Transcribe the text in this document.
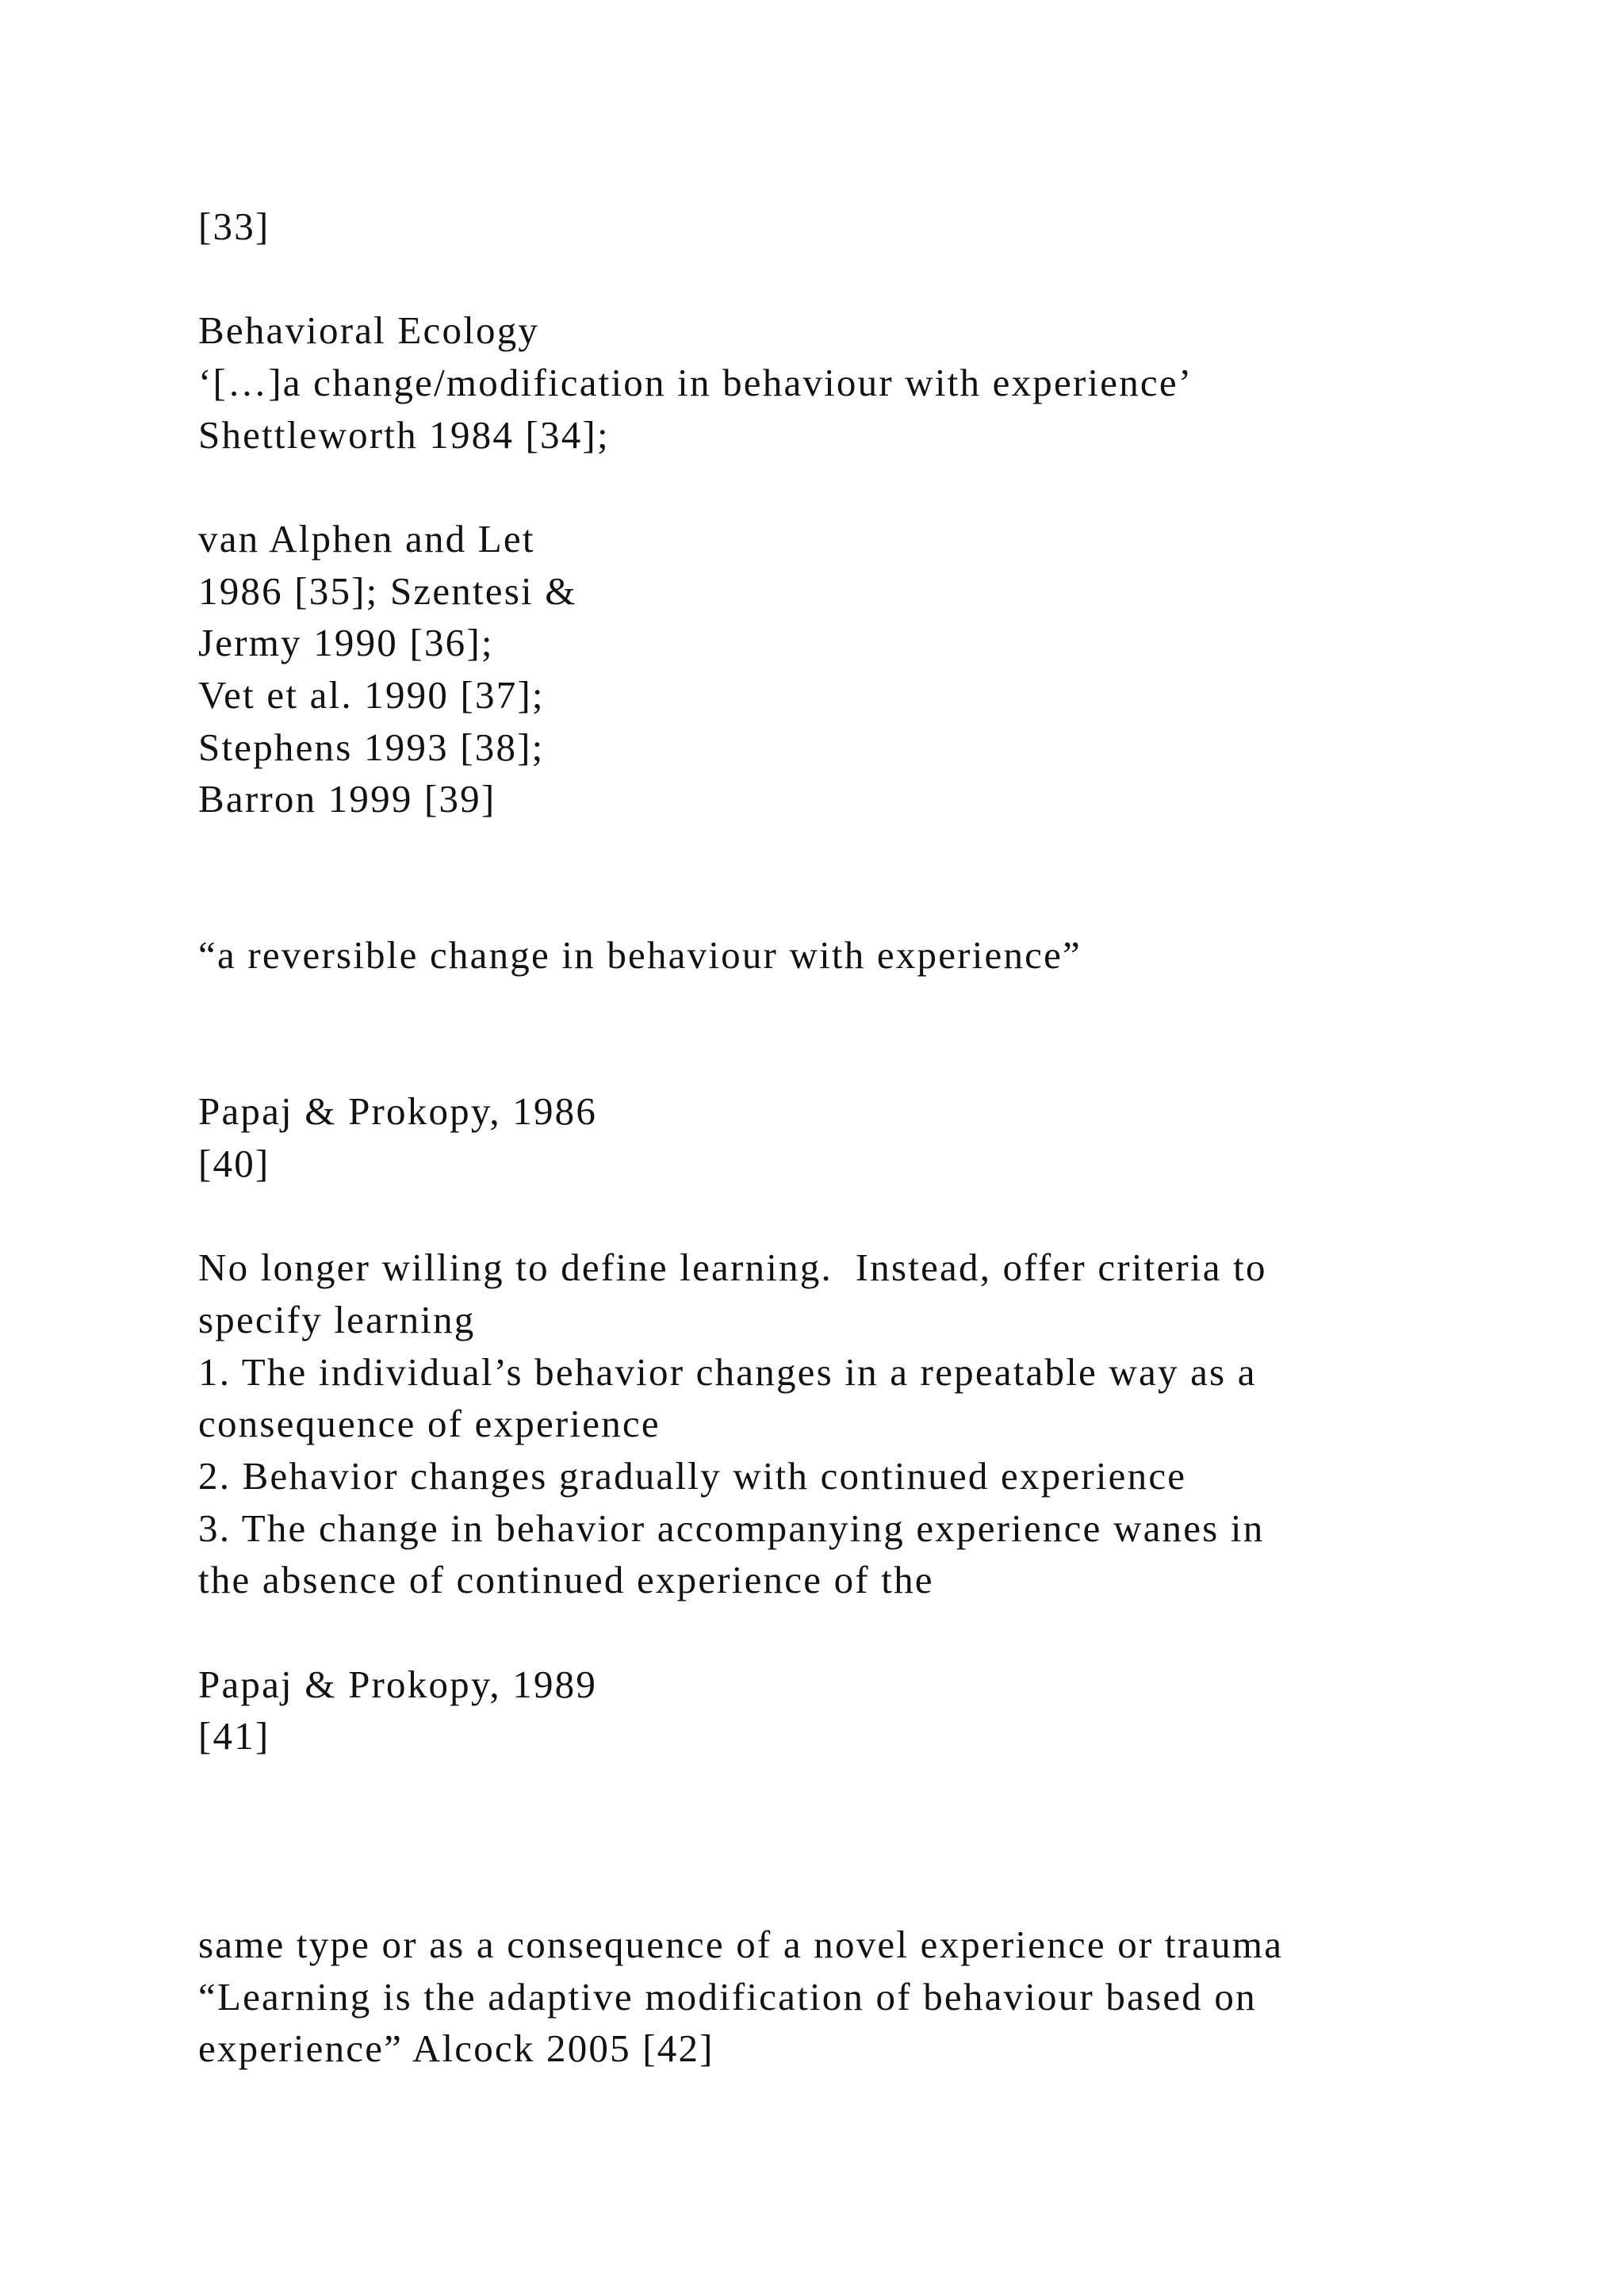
[33]

Behavioral Ecology

‘[…]a change/modification in behaviour with experience’

Shettleworth 1984 [34];

van Alphen and Let

1986 [35]; Szentesi &

Jermy 1990 [36];

Vet et al. 1990 [37];

Stephens 1993 [38];

Barron 1999 [39]

“a reversible change in behaviour with experience”

Papaj & Prokopy, 1986

[40]

No longer willing to define learning.  Instead, offer criteria to

specify learning

1. The individual’s behavior changes in a repeatable way as a

consequence of experience

2. Behavior changes gradually with continued experience

3. The change in behavior accompanying experience wanes in

the absence of continued experience of the

Papaj & Prokopy, 1989

[41]

same type or as a consequence of a novel experience or trauma

“Learning is the adaptive modification of behaviour based on

experience” Alcock 2005 [42]
